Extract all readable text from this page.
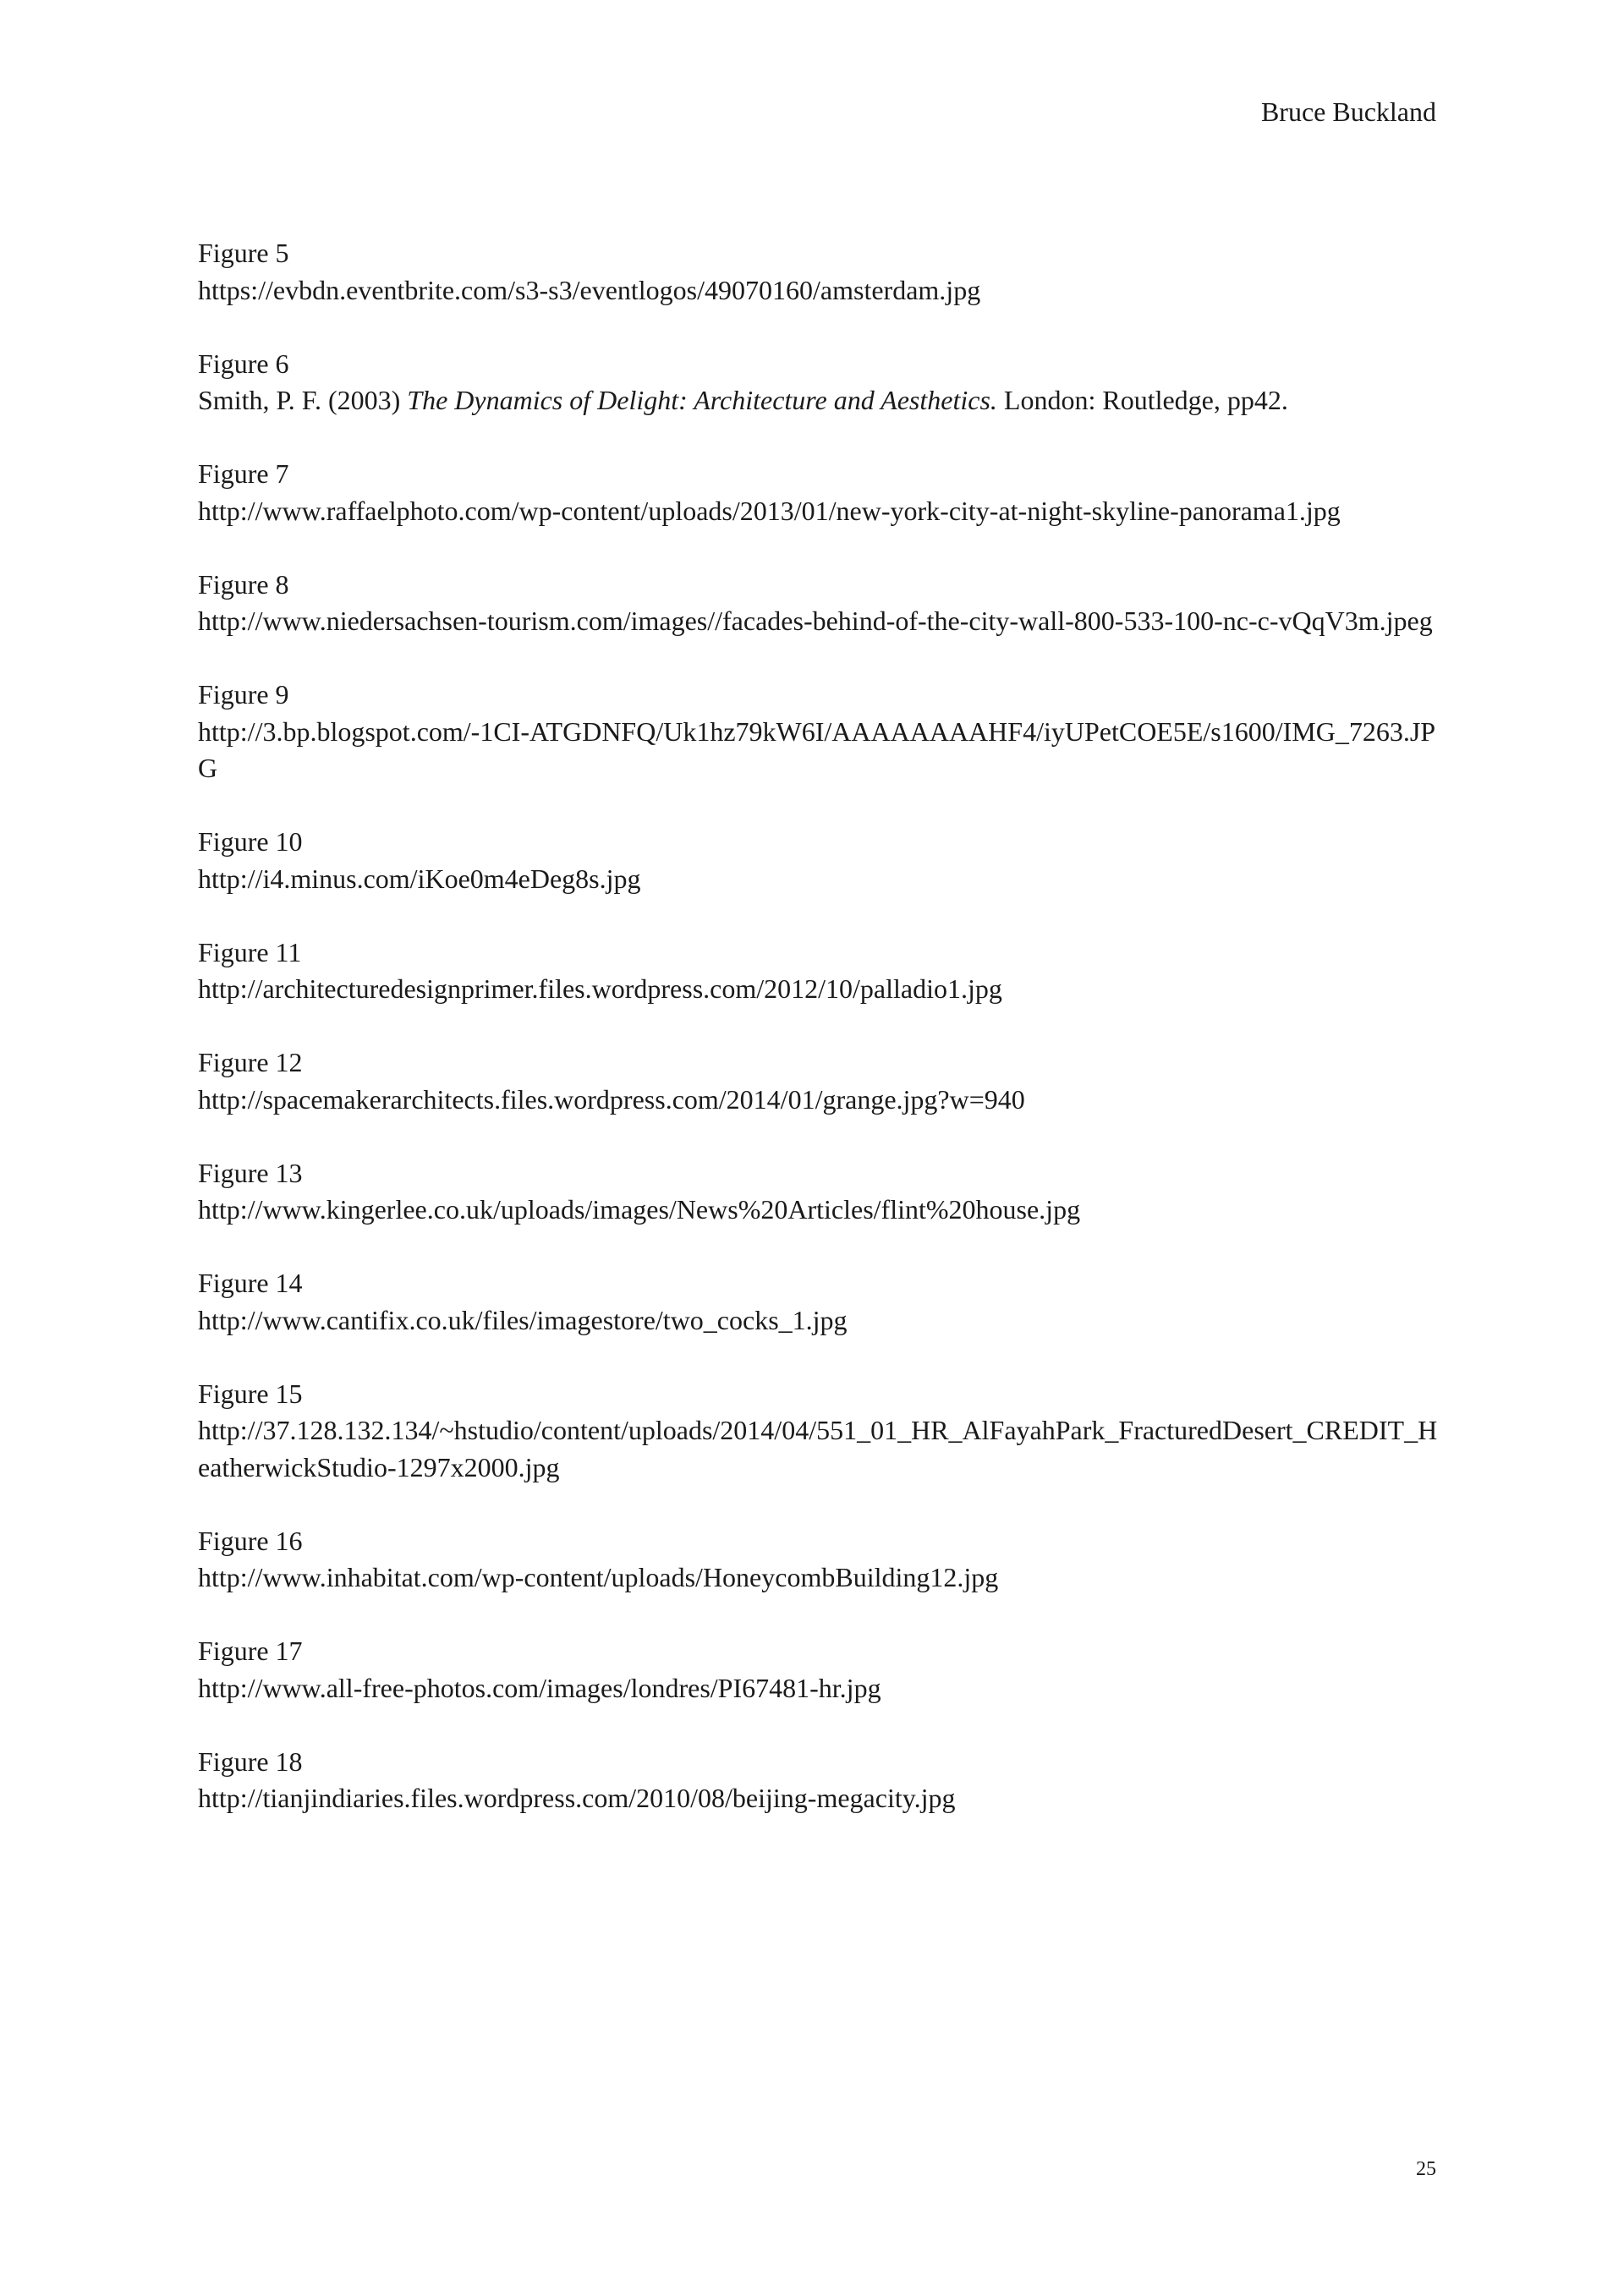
Bruce Buckland
Figure 5
https://evbdn.eventbrite.com/s3-s3/eventlogos/49070160/amsterdam.jpg
Figure 6
Smith, P. F. (2003) The Dynamics of Delight: Architecture and Aesthetics. London: Routledge, pp42.
Figure 7
http://www.raffaelphoto.com/wp-content/uploads/2013/01/new-york-city-at-night-skyline-panorama1.jpg
Figure 8
http://www.niedersachsen-tourism.com/images//facades-behind-of-the-city-wall-800-533-100-nc-c-vQqV3m.jpeg
Figure 9
http://3.bp.blogspot.com/-1CI-ATGDNFQ/Uk1hz79kW6I/AAAAAAAAHF4/iyUPetCOE5E/s1600/IMG_7263.JPG
Figure 10
http://i4.minus.com/iKoe0m4eDeg8s.jpg
Figure 11
http://architecturedesignprimer.files.wordpress.com/2012/10/palladio1.jpg
Figure 12
http://spacemakerarchitects.files.wordpress.com/2014/01/grange.jpg?w=940
Figure 13
http://www.kingerlee.co.uk/uploads/images/News%20Articles/flint%20house.jpg
Figure 14
http://www.cantifix.co.uk/files/imagestore/two_cocks_1.jpg
Figure 15
http://37.128.132.134/~hstudio/content/uploads/2014/04/551_01_HR_AlFayahPark_FracturedDesert_CREDIT_HeatherwickStudio-1297x2000.jpg
Figure 16
http://www.inhabitat.com/wp-content/uploads/HoneycombBuilding12.jpg
Figure 17
http://www.all-free-photos.com/images/londres/PI67481-hr.jpg
Figure 18
http://tianjindiaries.files.wordpress.com/2010/08/beijing-megacity.jpg
25
